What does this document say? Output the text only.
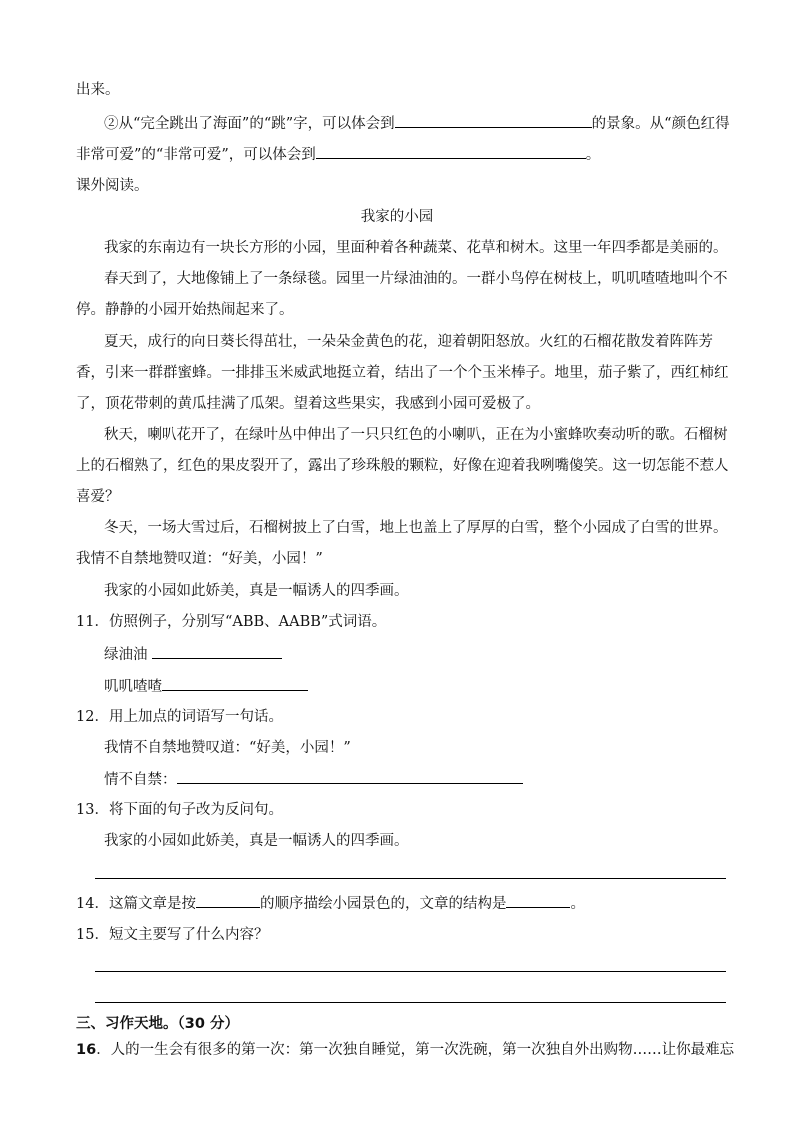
出来。
②从“完全跳出了海面”的“跳”字，可以体会到	的景象。从“颜色红得
非常可爱”的“非常可爱”，可以体会到	。
课外阅读。
我家的小园
我家的东南边有一块长方形的小园，里面种着各种蔬菜、花草和树木。这里一年四季都是美丽的。
春天到了，大地像铺上了一条绿毯。园里一片绿油油的。一群小鸟停在树枝上，叽叽喳喳地叫个不
停。静静的小园开始热闹起来了。
夏天，成行的向日葵长得茁壮，一朵朵金黄色的花，迎着朝阳怒放。火红的石榴花散发着阵阵芳
香，引来一群群蜜蜂。一排排玉米威武地挺立着，结出了一个个玉米棒子。地里，茄子紫了，西红柿红
了，顶花带刺的黄瓜挂满了瓜架。望着这些果实，我感到小园可爱极了。
秋天，喇叭花开了，在绿叶丛中伸出了一只只红色的小喇叭，正在为小蜜蜂吹奏动听的歌。石榴树
上的石榴熟了，红色的果皮裂开了，露出了珍珠般的颗粒，好像在迎着我咧嘴傻笑。这一切怎能不惹人
喜爱？
冬天，一场大雪过后，石榴树披上了白雪，地上也盖上了厚厚的白雪，整个小园成了白雪的世界。
我情不自禁地赞叹道：“好美，小园！”
我家的小园如此娇美，真是一幅诱人的四季画。
11．仿照例子，分别写“ABB、AABB”式词语。
绿油油
叽叽喳喳
12．用上加点的词语写一句话。
我情不自禁地赞叹道：“好美，小园！”
情不自禁：
13．将下面的句子改为反问句。
我家的小园如此娇美，真是一幅诱人的四季画。
14．这篇文章是按	的顺序描绘小园景色的，文章的结构是	。
15．短文主要写了什么内容？
三、习作天地。（30 分）
16．人的一生会有很多的第一次：第一次独自睡觉，第一次洗碗，第一次独自外出购物……让你最难忘
